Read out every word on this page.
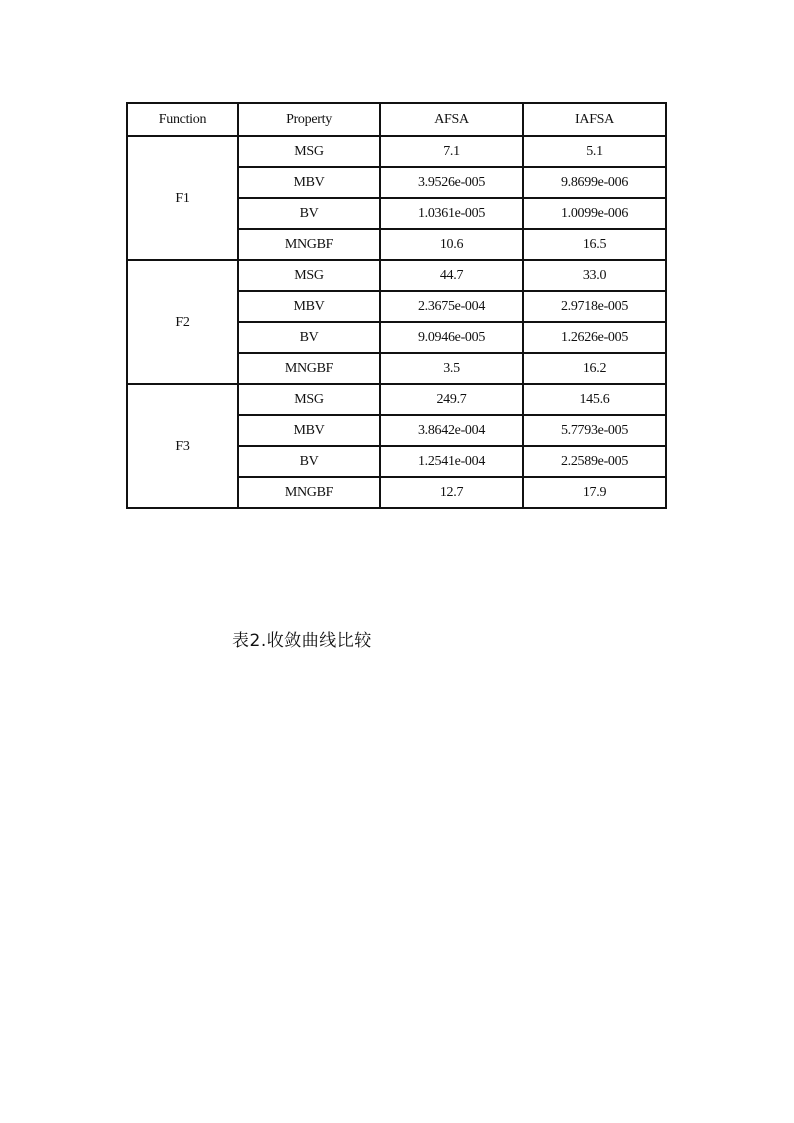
Function	Property	AFSA	IAFSA
F1	MSG	7.1	5.1
	MBV	3.9526e-005	9.8699e-006
	BV	1.0361e-005	1.0099e-006
	MNGBF	10.6	16.5
F2	MSG	44.7	33.0
	MBV	2.3675e-004	2.9718e-005
	BV	9.0946e-005	1.2626e-005
	MNGBF	3.5	16.2
F3	MSG	249.7	145.6
	MBV	3.8642e-004	5.7793e-005
	BV	1.2541e-004	2.2589e-005
	MNGBF	12.7	17.9
表2.收敛曲线比较
